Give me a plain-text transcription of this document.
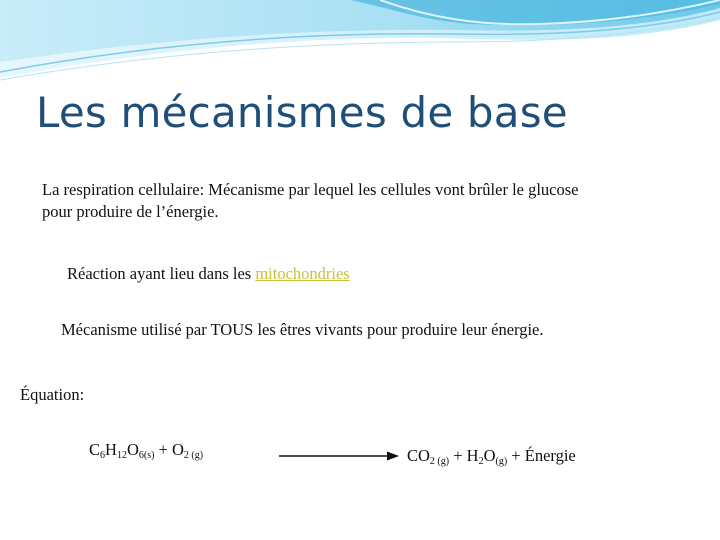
Les mécanismes de base
La respiration cellulaire: Mécanisme par lequel les cellules vont brûler le glucose
pour produire de l’énergie.
Réaction ayant lieu dans les mitochondries
Mécanisme utilisé par TOUS les êtres vivants pour produire leur énergie.
Équation:
$C_6H_{12}O_{6(s)} + O_{2 (g)}$	$CO_{2 (g)} + H_2O_{(g)}$ + Énergie
